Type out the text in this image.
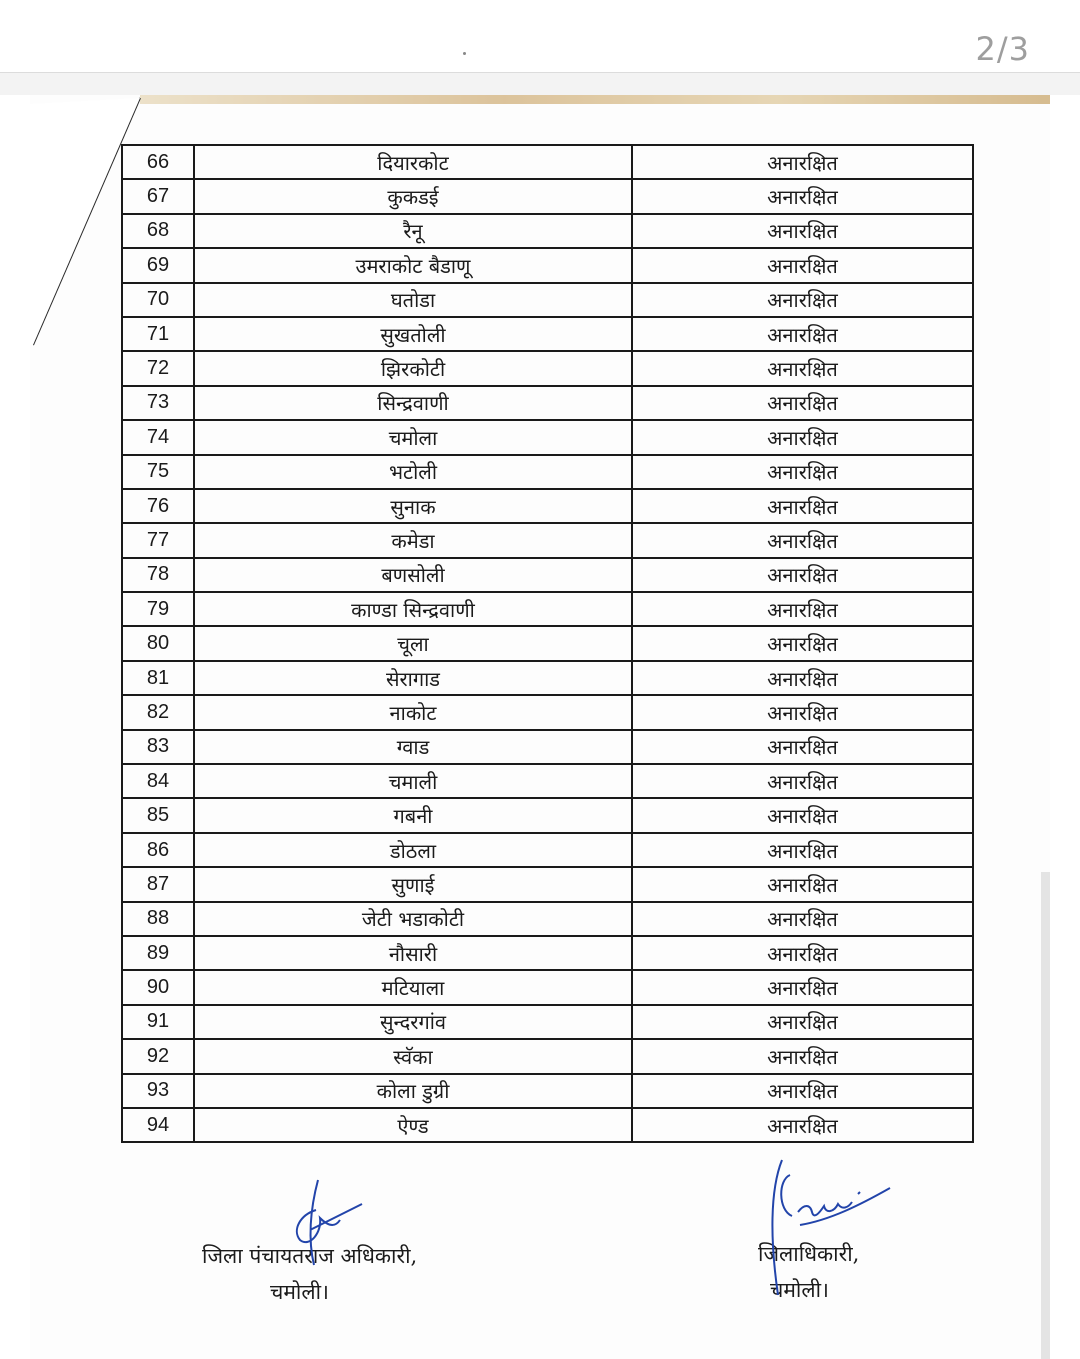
2/3
66	दियारकोट	अनारक्षित
67	कुकडई	अनारक्षित
68	रैनू	अनारक्षित
69	उमराकोट बैडाणू	अनारक्षित
70	घतोडा	अनारक्षित
71	सुखतोली	अनारक्षित
72	झिरकोटी	अनारक्षित
73	सिन्द्रवाणी	अनारक्षित
74	चमोला	अनारक्षित
75	भटोली	अनारक्षित
76	सुनाक	अनारक्षित
77	कमेडा	अनारक्षित
78	बणसोली	अनारक्षित
79	काण्डा सिन्द्रवाणी	अनारक्षित
80	चूला	अनारक्षित
81	सेरागाड	अनारक्षित
82	नाकोट	अनारक्षित
83	ग्वाड	अनारक्षित
84	चमाली	अनारक्षित
85	गबनी	अनारक्षित
86	डोठला	अनारक्षित
87	सुणाई	अनारक्षित
88	जेटी भडाकोटी	अनारक्षित
89	नौसारी	अनारक्षित
90	मटियाला	अनारक्षित
91	सुन्दरगांव	अनारक्षित
92	स्वॅका	अनारक्षित
93	कोला डुग्री	अनारक्षित
94	ऐण्ड	अनारक्षित
जिला पंचायतराज अधिकारी,
चमोली।
जिलाधिकारी,
चमोली।
